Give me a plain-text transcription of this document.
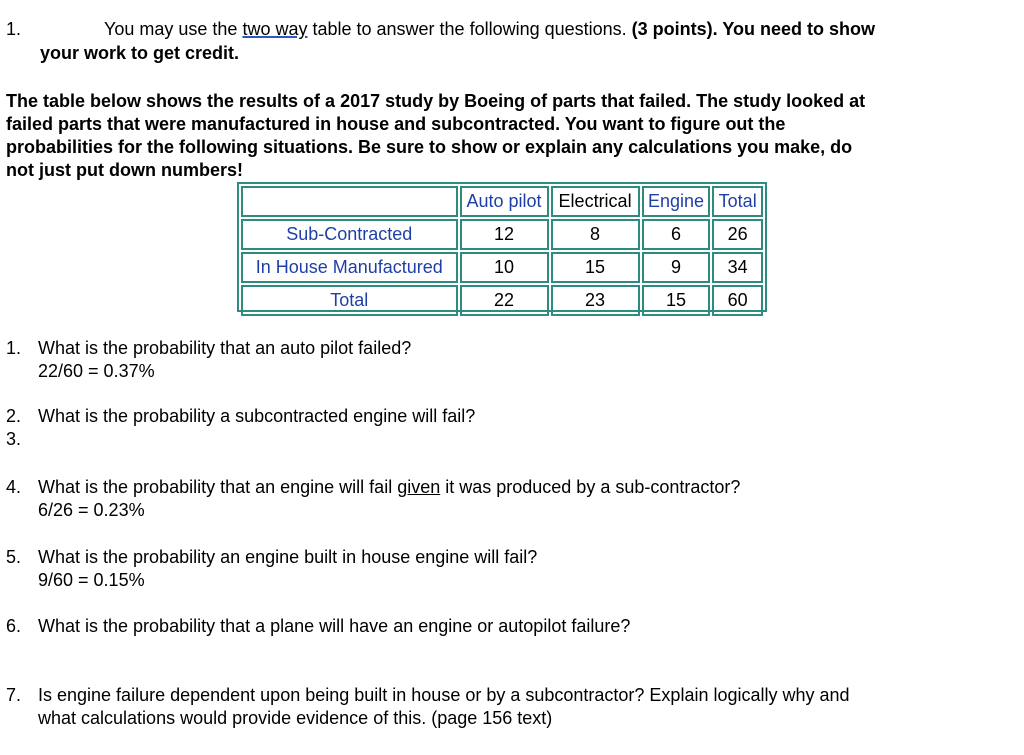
1.	You may use the two way table to answer the following questions. (3 points). You need to show
your work to get credit.
The table below shows the results of a 2017 study by Boeing of parts that failed. The study looked at
failed parts that were manufactured in house and subcontracted. You want to figure out the
probabilities for the following situations. Be sure to show or explain any calculations you make, do
not just put down numbers!
	Auto pilot	Electrical	Engine	Total
Sub-Contracted	12	8	6	26
In House Manufactured	10	15	9	34
Total	22	23	15	60
1. What is the probability that an auto pilot failed?
22/60 = 0.37%
2. What is the probability a subcontracted engine will fail?
3.
4. What is the probability that an engine will fail given it was produced by a sub-contractor?
6/26 = 0.23%
5. What is the probability an engine built in house engine will fail?
9/60 = 0.15%
6. What is the probability that a plane will have an engine or autopilot failure?
7. Is engine failure dependent upon being built in house or by a subcontractor? Explain logically why and
what calculations would provide evidence of this. (page 156 text)
